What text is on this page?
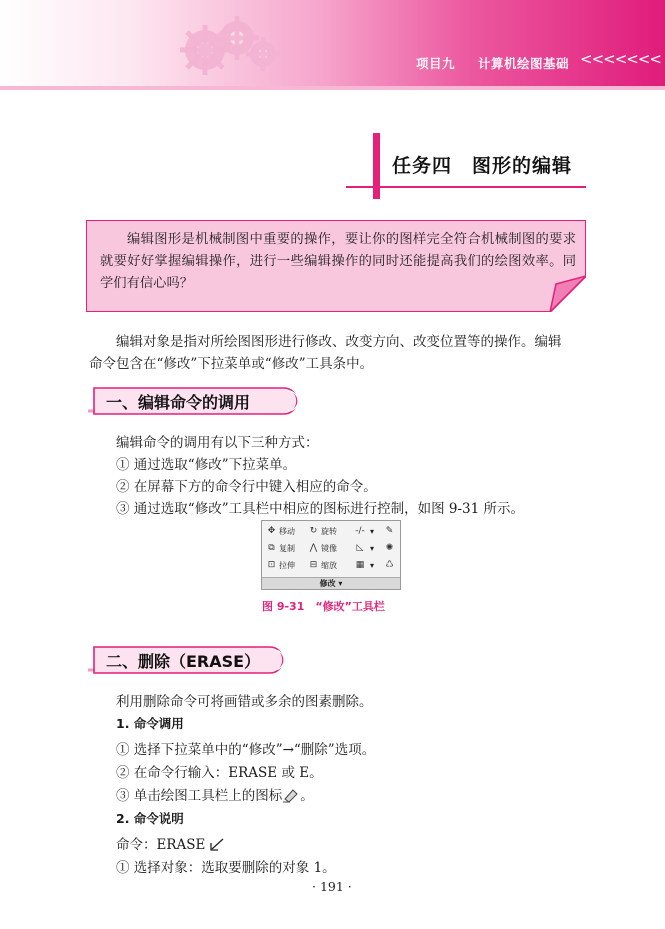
项目九 计算机绘图基础 <<<<<<<
任务四 图形的编辑
编辑图形是机械制图中重要的操作，要让你的图样完全符合机械制图的要求就要好好掌握编辑操作，进行一些编辑操作的同时还能提高我们的绘图效率。同学们有信心吗？
编辑对象是指对所绘图图形进行修改、改变方向、改变位置等的操作。编辑
命令包含在“修改”下拉菜单或“修改”工具条中。
一、编辑命令的调用
编辑命令的调用有以下三种方式：
① 通过选取“修改”下拉菜单。
② 在屏幕下方的命令行中键入相应的命令。
③ 通过选取“修改”工具栏中相应的图标进行控制，如图 9-31 所示。
✥ 移动 ↻ 旋转	-/- ▾ ✎
⧉ 复制 ⋀ 镜像	◺ ▾ ✺
⊡ 拉伸 ⊟ 缩放	▦ ▾ ♺
修改 ▾
图 9-31　“修改”工具栏
二、删除（ERASE）
利用删除命令可将画错或多余的图素删除。
1. 命令调用
① 选择下拉菜单中的“修改”→“删除”选项。
② 在命令行输入：ERASE 或 E。
③ 单击绘图工具栏上的图标 。
2. 命令说明
命令：ERASE
① 选择对象：选取要删除的对象 1。
· 191 ·
